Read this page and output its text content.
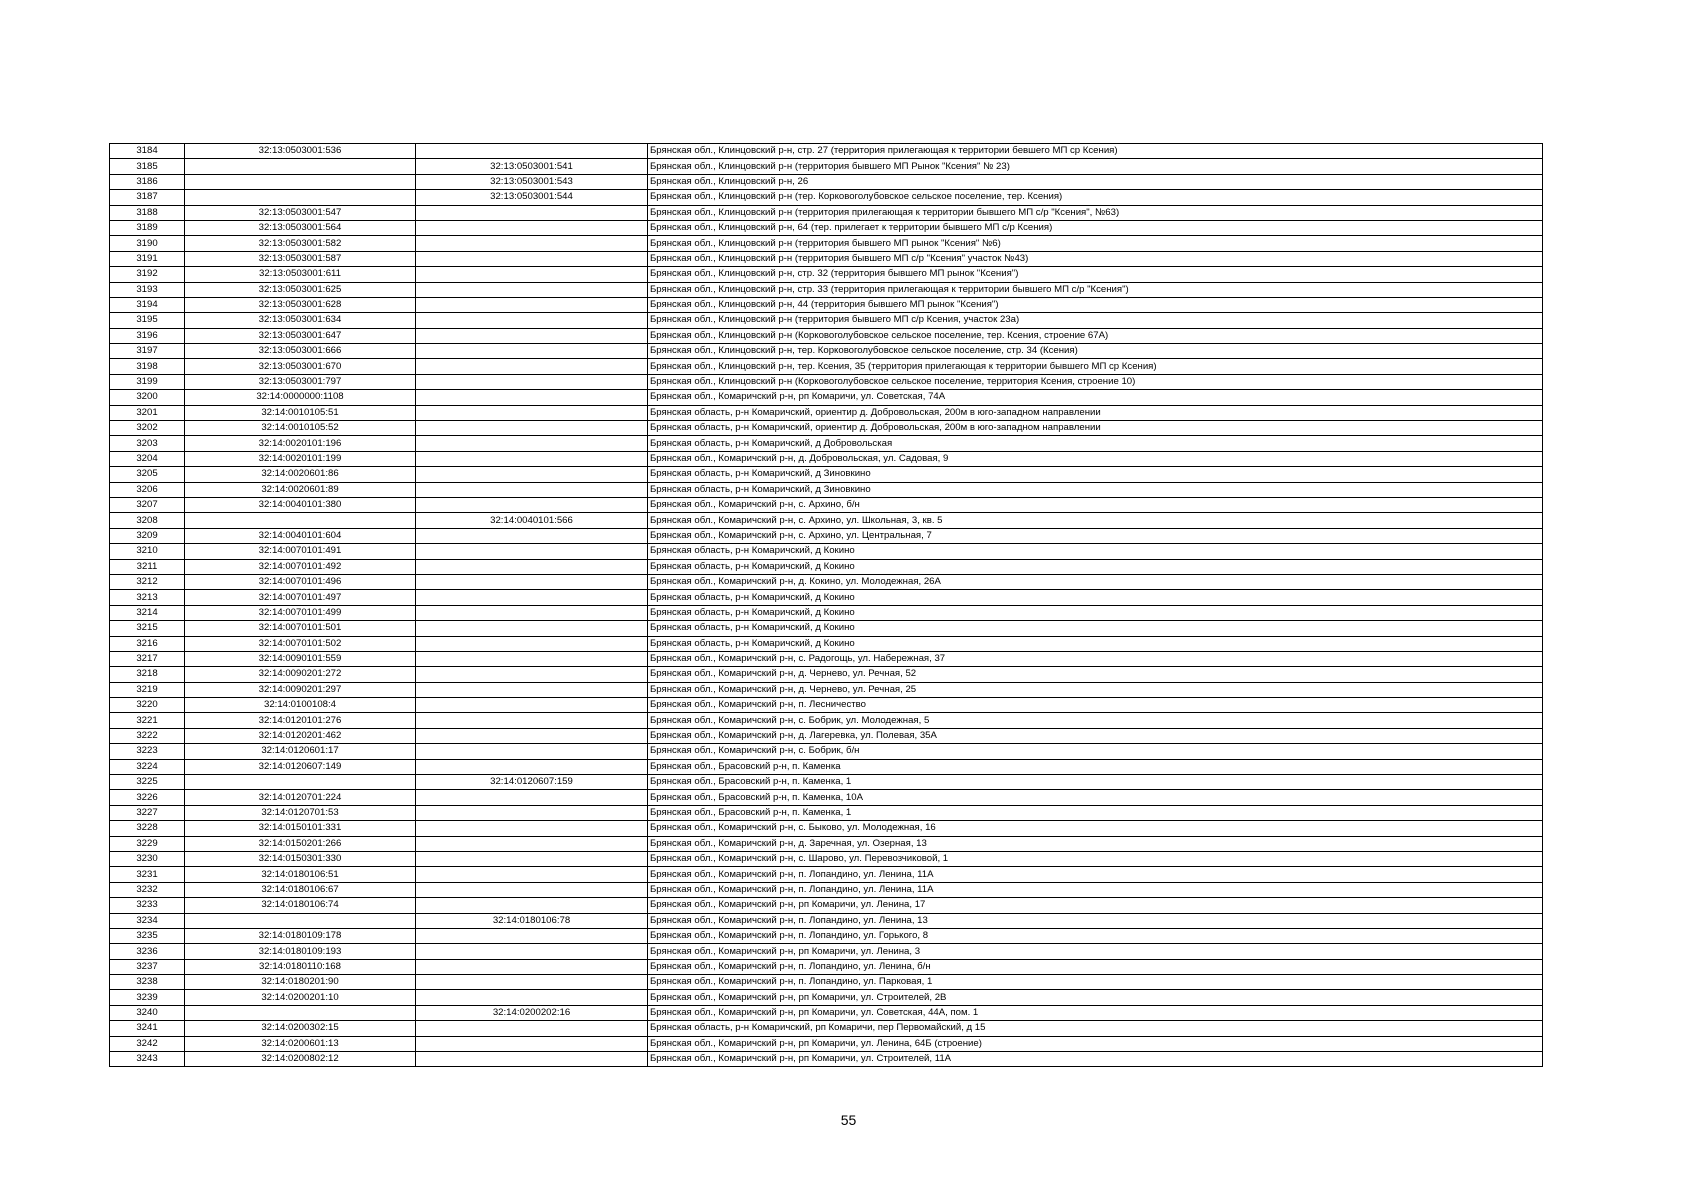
3184	32:13:0503001:536		Брянская обл., Клинцовский р-н, стр. 27 (территория прилегающая к территории бевшего МП ср Ксения)
3185		32:13:0503001:541	Брянская обл., Клинцовский р-н (территория бывшего МП Рынок "Ксения" № 23)
3186		32:13:0503001:543	Брянская обл., Клинцовский р-н, 26
3187		32:13:0503001:544	Брянская обл., Клинцовский р-н (тер. Корковоголубовское сельское поселение, тер. Ксения)
3188	32:13:0503001:547		Брянская обл., Клинцовский р-н (территория прилегающая к территории бывшего МП с/р "Ксения", №63)
3189	32:13:0503001:564		Брянская обл., Клинцовский р-н, 64 (тер. прилегает к территории бывшего МП с/р Ксения)
3190	32:13:0503001:582		Брянская обл., Клинцовский р-н (территория бывшего МП рынок "Ксения" №6)
3191	32:13:0503001:587		Брянская обл., Клинцовский р-н (территория бывшего МП с/р "Ксения" участок №43)
3192	32:13:0503001:611		Брянская обл., Клинцовский р-н, стр. 32 (территория бывшего МП рынок "Ксения")
3193	32:13:0503001:625		Брянская обл., Клинцовский р-н, стр. 33 (территория прилегающая к территории бывшего МП с/р "Ксения")
3194	32:13:0503001:628		Брянская обл., Клинцовский р-н, 44 (территория бывшего МП рынок "Ксения")
3195	32:13:0503001:634		Брянская обл., Клинцовский р-н (территория бывшего МП с/р Ксения, участок 23а)
3196	32:13:0503001:647		Брянская обл., Клинцовский р-н (Корковоголубовское сельское поселение, тер. Ксения, строение 67А)
3197	32:13:0503001:666		Брянская обл., Клинцовский р-н, тер. Корковоголубовское сельское поселение, стр. 34 (Ксения)
3198	32:13:0503001:670		Брянская обл., Клинцовский р-н, тер. Ксения, 35 (территория прилегающая к территории бывшего МП ср Ксения)
3199	32:13:0503001:797		Брянская обл., Клинцовский р-н (Корковоголубовское сельское поселение, территория Ксения, строение 10)
3200	32:14:0000000:1108		Брянская обл., Комаричский р-н, рп Комаричи, ул. Советская, 74А
3201	32:14:0010105:51		Брянская область, р-н Комаричский, ориентир д. Добровольская, 200м в юго-западном направлении
3202	32:14:0010105:52		Брянская область, р-н Комаричский, ориентир д. Добровольская, 200м в юго-западном направлении
3203	32:14:0020101:196		Брянская область, р-н Комаричский, д Добровольская
3204	32:14:0020101:199		Брянская обл., Комаричский р-н, д. Добровольская, ул. Садовая, 9
3205	32:14:0020601:86		Брянская область, р-н Комаричский, д Зиновкино
3206	32:14:0020601:89		Брянская область, р-н Комаричский, д Зиновкино
3207	32:14:0040101:380		Брянская обл., Комаричский р-н, с. Архино, б/н
3208		32:14:0040101:566	Брянская обл., Комаричский р-н, с. Архино, ул. Школьная, 3, кв. 5
3209	32:14:0040101:604		Брянская обл., Комаричский р-н, с. Архино, ул. Центральная, 7
3210	32:14:0070101:491		Брянская область, р-н Комаричский, д Кокино
3211	32:14:0070101:492		Брянская область, р-н Комаричский, д Кокино
3212	32:14:0070101:496		Брянская обл., Комаричский р-н, д. Кокино, ул. Молодежная, 26А
3213	32:14:0070101:497		Брянская область, р-н Комаричский, д Кокино
3214	32:14:0070101:499		Брянская область, р-н Комаричский, д Кокино
3215	32:14:0070101:501		Брянская область, р-н Комаричский, д Кокино
3216	32:14:0070101:502		Брянская область, р-н Комаричский, д Кокино
3217	32:14:0090101:559		Брянская обл., Комаричский р-н, с. Радогощь, ул. Набережная, 37
3218	32:14:0090201:272		Брянская обл., Комаричский р-н, д. Чернево, ул. Речная, 52
3219	32:14:0090201:297		Брянская обл., Комаричский р-н, д. Чернево, ул. Речная, 25
3220	32:14:0100108:4		Брянская обл., Комаричский р-н, п. Лесничество
3221	32:14:0120101:276		Брянская обл., Комаричский р-н, с. Бобрик, ул. Молодежная, 5
3222	32:14:0120201:462		Брянская обл., Комаричский р-н, д. Лагеревка, ул. Полевая, 35А
3223	32:14:0120601:17		Брянская обл., Комаричский р-н, с. Бобрик, б/н
3224	32:14:0120607:149		Брянская обл., Брасовский р-н, п. Каменка
3225		32:14:0120607:159	Брянская обл., Брасовский р-н, п. Каменка, 1
3226	32:14:0120701:224		Брянская обл., Брасовский р-н, п. Каменка, 10А
3227	32:14:0120701:53		Брянская обл., Брасовский р-н, п. Каменка, 1
3228	32:14:0150101:331		Брянская обл., Комаричский р-н, с. Быково, ул. Молодежная, 16
3229	32:14:0150201:266		Брянская обл., Комаричский р-н, д. Заречная, ул. Озерная, 13
3230	32:14:0150301:330		Брянская обл., Комаричский р-н, с. Шарово, ул. Перевозчиковой, 1
3231	32:14:0180106:51		Брянская обл., Комаричский р-н, п. Лопандино, ул. Ленина, 11А
3232	32:14:0180106:67		Брянская обл., Комаричский р-н, п. Лопандино, ул. Ленина, 11А
3233	32:14:0180106:74		Брянская обл., Комаричский р-н, рп Комаричи, ул. Ленина, 17
3234		32:14:0180106:78	Брянская обл., Комаричский р-н, п. Лопандино, ул. Ленина, 13
3235	32:14:0180109:178		Брянская обл., Комаричский р-н, п. Лопандино, ул. Горького, 8
3236	32:14:0180109:193		Брянская обл., Комаричский р-н, рп Комаричи, ул. Ленина, 3
3237	32:14:0180110:168		Брянская обл., Комаричский р-н, п. Лопандино, ул. Ленина, б/н
3238	32:14:0180201:90		Брянская обл., Комаричский р-н, п. Лопандино, ул. Парковая, 1
3239	32:14:0200201:10		Брянская обл., Комаричский р-н, рп Комаричи, ул. Строителей, 2В
3240		32:14:0200202:16	Брянская обл., Комаричский р-н, рп Комаричи, ул. Советская, 44А, пом. 1
3241	32:14:0200302:15		Брянская область, р-н Комаричский, рп Комаричи, пер Первомайский, д 15
3242	32:14:0200601:13		Брянская обл., Комаричский р-н, рп Комаричи, ул. Ленина, 64Б (строение)
3243	32:14:0200802:12		Брянская обл., Комаричский р-н, рп Комаричи, ул. Строителей, 11А
55
